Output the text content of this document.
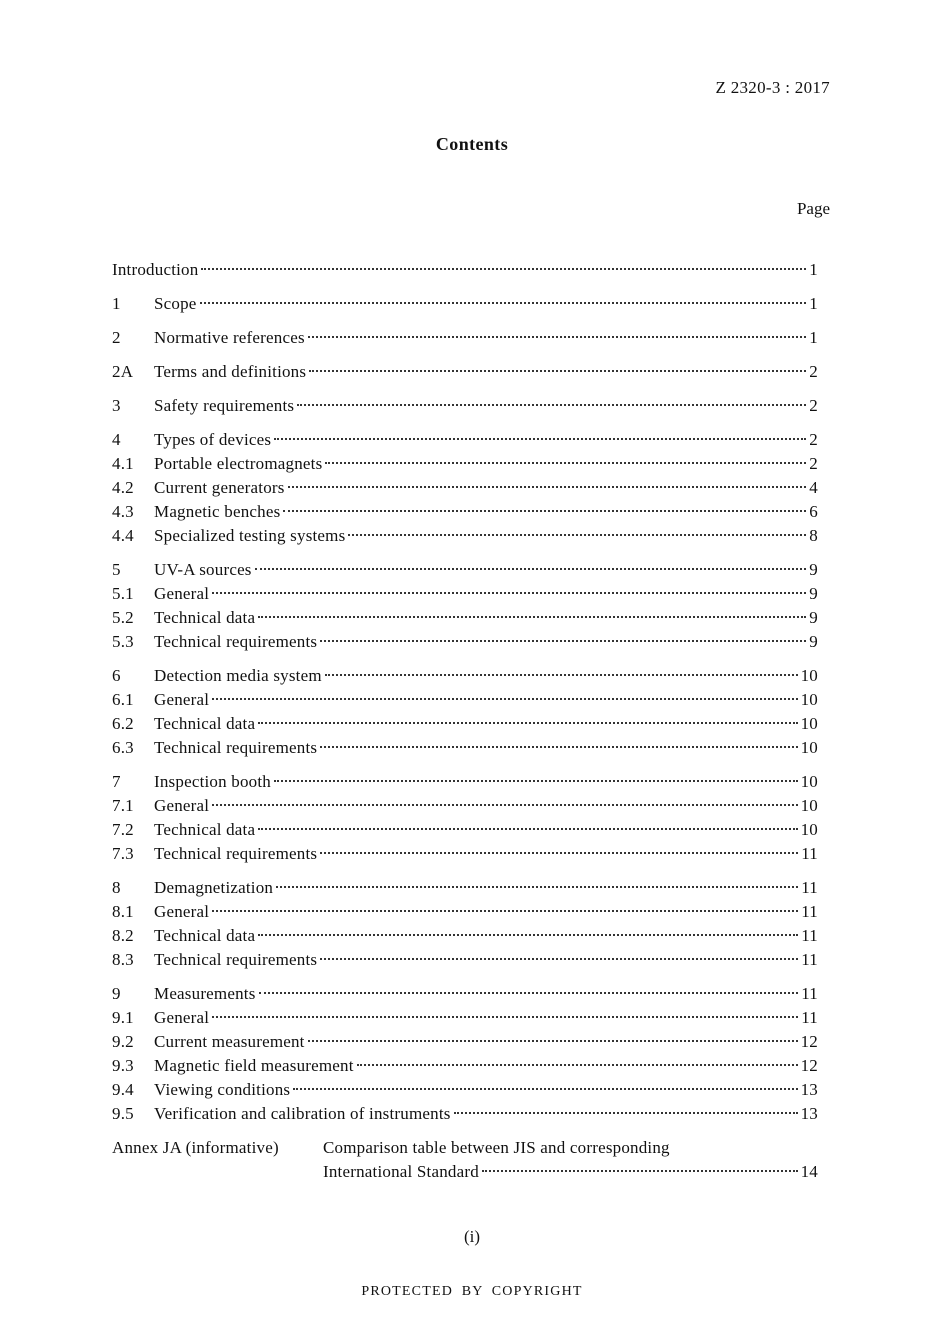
Z 2320-3 : 2017
Contents
Page
Introduction	1
1	Scope	1
2	Normative references	1
2A	Terms and definitions	2
3	Safety requirements	2
4	Types of devices	2
4.1	Portable electromagnets	2
4.2	Current generators	4
4.3	Magnetic benches	6
4.4	Specialized testing systems	8
5	UV-A sources	9
5.1	General	9
5.2	Technical data	9
5.3	Technical requirements	9
6	Detection media system	10
6.1	General	10
6.2	Technical data	10
6.3	Technical requirements	10
7	Inspection booth	10
7.1	General	10
7.2	Technical data	10
7.3	Technical requirements	11
8	Demagnetization	11
8.1	General	11
8.2	Technical data	11
8.3	Technical requirements	11
9	Measurements	11
9.1	General	11
9.2	Current measurement	12
9.3	Magnetic field measurement	12
9.4	Viewing conditions	13
9.5	Verification and calibration of instruments	13
Annex JA (informative)	Comparison table between JIS and corresponding
International Standard	14
(i)
PROTECTED BY COPYRIGHT
